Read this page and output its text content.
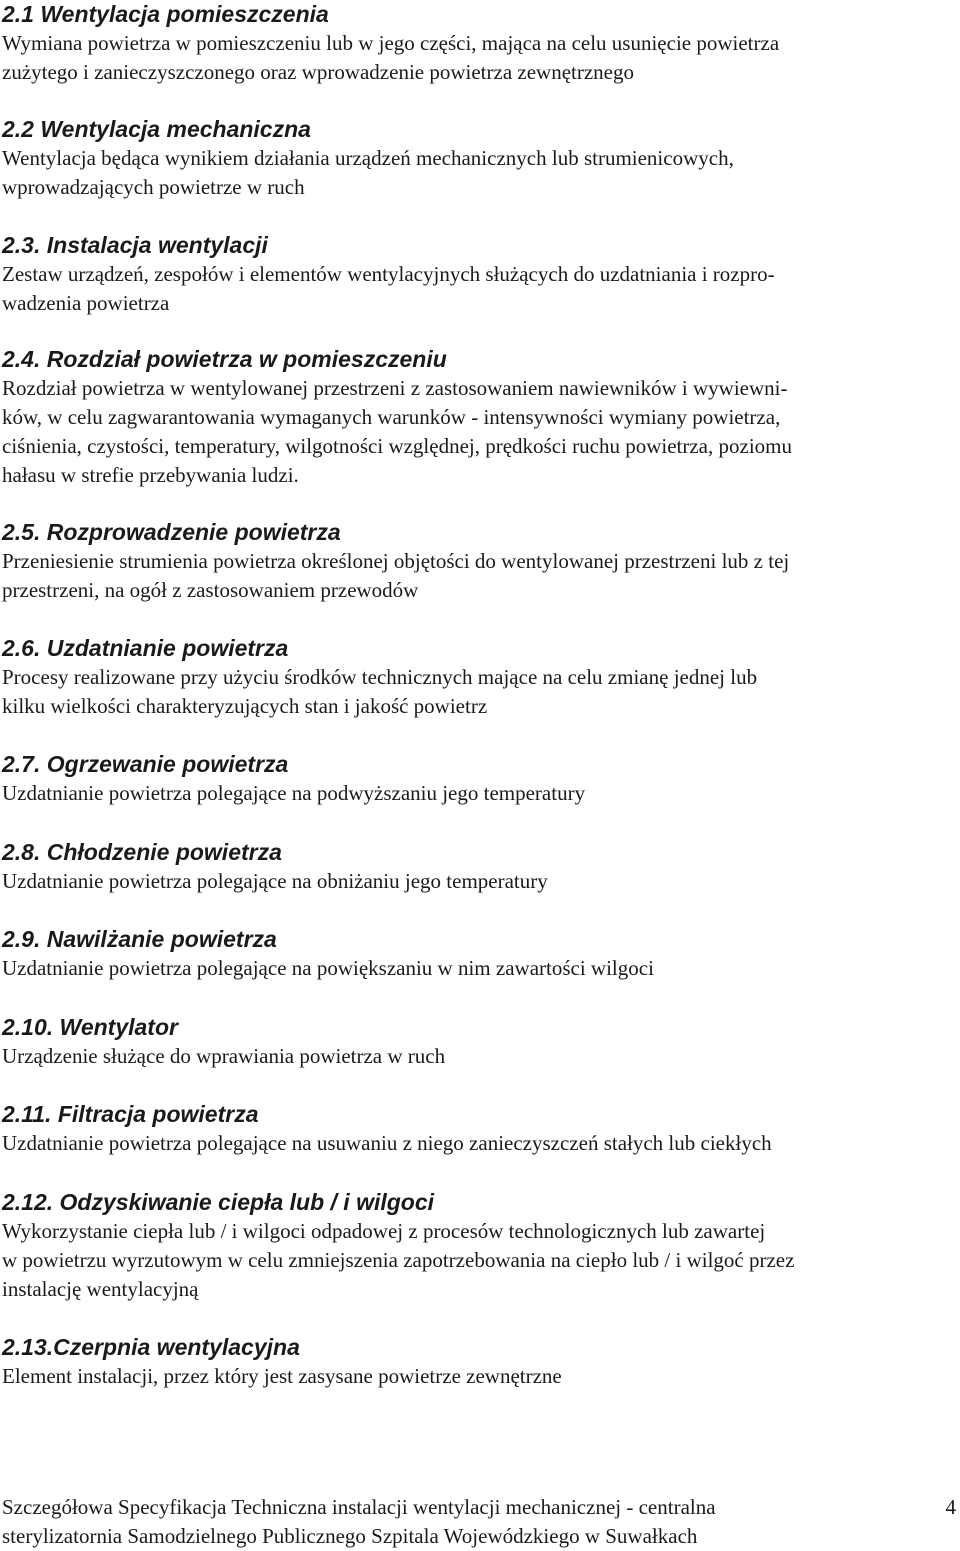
2.1 Wentylacja pomieszczenia

Wymiana powietrza w pomieszczeniu lub w jego części, mająca na celu usunięcie powietrza
zużytego i zanieczyszczonego oraz wprowadzenie powietrza zewnętrznego

2.2 Wentylacja mechaniczna

Wentylacja będąca wynikiem działania urządzeń mechanicznych lub strumienicowych,
wprowadzających powietrze w ruch

2.3. Instalacja wentylacji

Zestaw urządzeń, zespołów i elementów wentylacyjnych służących do uzdatniania i rozpro-
wadzenia powietrza

2.4. Rozdział powietrza w pomieszczeniu

Rozdział powietrza w wentylowanej przestrzeni z zastosowaniem nawiewników i wywiewni-
ków, w celu zagwarantowania wymaganych warunków - intensywności wymiany powietrza,
ciśnienia, czystości, temperatury, wilgotności względnej, prędkości ruchu powietrza, poziomu
hałasu w strefie przebywania ludzi.

2.5. Rozprowadzenie powietrza

Przeniesienie strumienia powietrza określonej objętości do wentylowanej przestrzeni lub z tej
przestrzeni, na ogół z zastosowaniem przewodów

2.6. Uzdatnianie powietrza

Procesy realizowane przy użyciu środków technicznych mające na celu zmianę jednej lub
kilku wielkości charakteryzujących stan i jakość powietrz

2.7. Ogrzewanie powietrza

Uzdatnianie powietrza polegające na podwyższaniu jego temperatury

2.8. Chłodzenie powietrza

Uzdatnianie powietrza polegające na obniżaniu jego temperatury

2.9. Nawilżanie powietrza

Uzdatnianie powietrza polegające na powiększaniu w nim zawartości wilgoci

2.10. Wentylator

Urządzenie służące do wprawiania powietrza w ruch

2.11. Filtracja powietrza

Uzdatnianie powietrza polegające na usuwaniu z niego zanieczyszczeń stałych lub ciekłych

2.12. Odzyskiwanie ciepła lub / i wilgoci

Wykorzystanie ciepła lub / i wilgoci odpadowej z procesów technologicznych lub zawartej
w powietrzu wyrzutowym w celu zmniejszenia zapotrzebowania na ciepło lub / i wilgoć przez
instalację wentylacyjną

2.13.Czerpnia wentylacyjna

Element instalacji, przez który jest zasysane powietrze zewnętrzne

Szczegółowa Specyfikacja Techniczna instalacji wentylacji mechanicznej - centralna
sterylizatornia Samodzielnego Publicznego Szpitala Wojewódzkiego w Suwałkach
4
